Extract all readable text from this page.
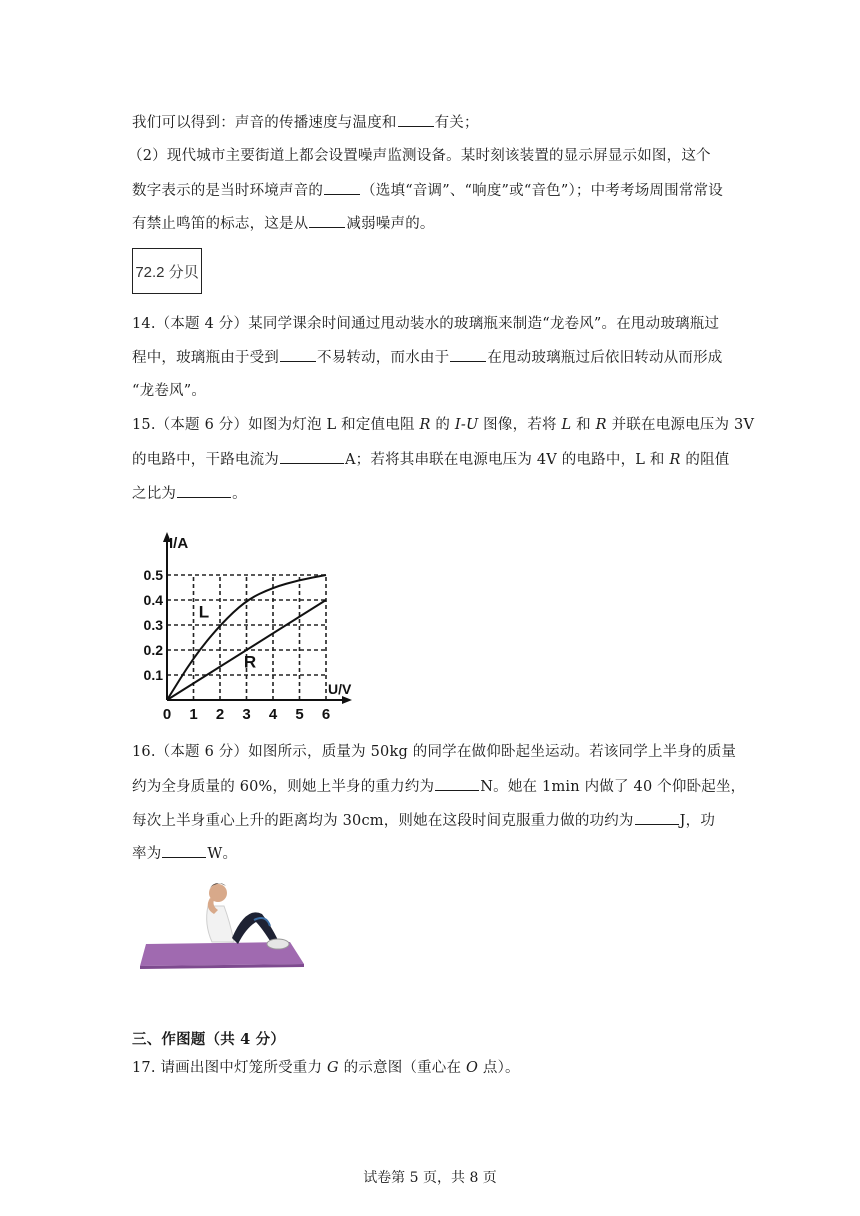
我们可以得到：声音的传播速度与温度和	有关；
（2）现代城市主要街道上都会设置噪声监测设备。某时刻该装置的显示屏显示如图，这个
数字表示的是当时环境声音的	（选填“音调”、“响度”或“音色”）；中考考场周围常常设
有禁止鸣笛的标志，这是从	减弱噪声的。
72.2 分贝
14.（本题 4 分）某同学课余时间通过甩动装水的玻璃瓶来制造“龙卷风”。在甩动玻璃瓶过
程中，玻璃瓶由于受到	不易转动，而水由于	在甩动玻璃瓶过后依旧转动从而形成
“龙卷风”。
15.（本题 6 分）如图为灯泡 L 和定值电阻 R 的 I-U 图像，若将 L 和 R 并联在电源电压为 3V
的电路中，干路电流为	A；若将其串联在电源电压为 4V 的电路中，L 和 R 的阻值
之比为	。
L
R
0 1 2 3 4 5 6
0.1
0.2
0.3
0.4
0.5
U/V
I/A
16.（本题 6 分）如图所示，质量为 50kg 的同学在做仰卧起坐运动。若该同学上半身的质量
约为全身质量的 60%，则她上半身的重力约为	N。她在 1min 内做了 40 个仰卧起坐，
每次上半身重心上升的距离均为 30cm，则她在这段时间克服重力做的功约为	J，功
率为	W。
三、作图题（共 4 分）
17. 请画出图中灯笼所受重力 G 的示意图（重心在 O 点）。
试卷第 5 页，共 8 页
